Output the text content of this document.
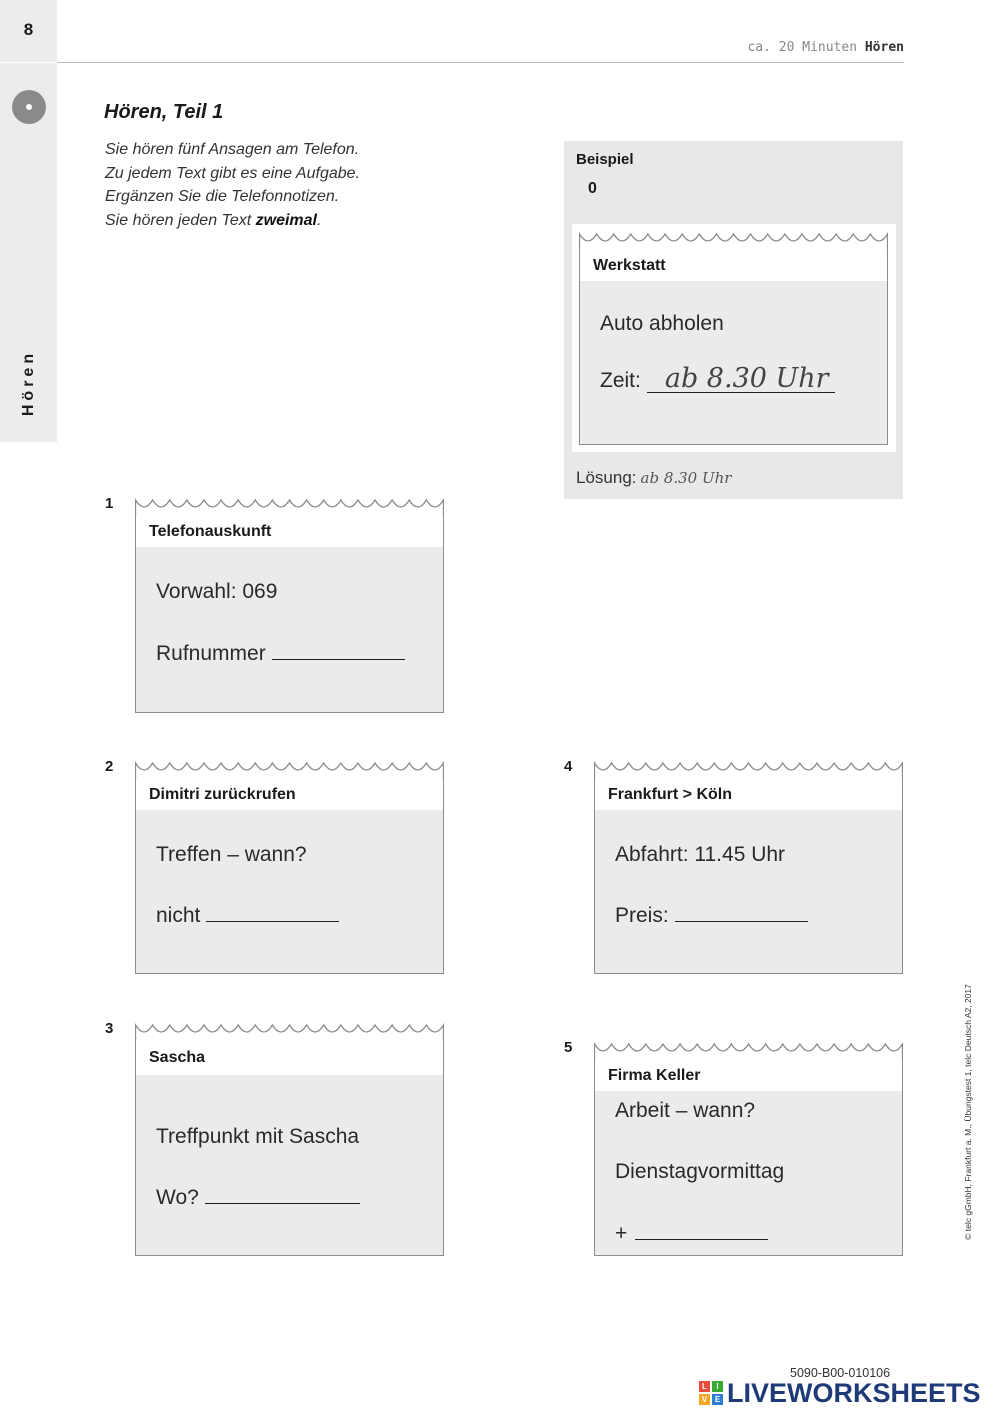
8
Hören
ca. 20 Minuten Hören
Hören, Teil 1
Sie hören fünf Ansagen am Telefon.
Zu jedem Text gibt es eine Aufgabe.
Ergänzen Sie die Telefonnotizen.
Sie hören jeden Text zweimal.
Beispiel
0
Werkstatt
Auto abholen
Zeit: ab 8.30 Uhr
Lösung: ab 8.30 Uhr
1
Telefonauskunft
Vorwahl: 069
Rufnummer
2
Dimitri zurückrufen
Treffen – wann?
nicht
3
Sascha
Treffpunkt mit Sascha
Wo?
4
Frankfurt > Köln
Abfahrt: 11.45 Uhr
Preis:
5
Firma Keller
Arbeit – wann?
Dienstagvormittag
+	© telc gGmbH, Frankfurt a. M., Übungstest 1, telc Deutsch A2, 2017
5090-B00-010106
L	I
V E LIVEWORKSHEETS
